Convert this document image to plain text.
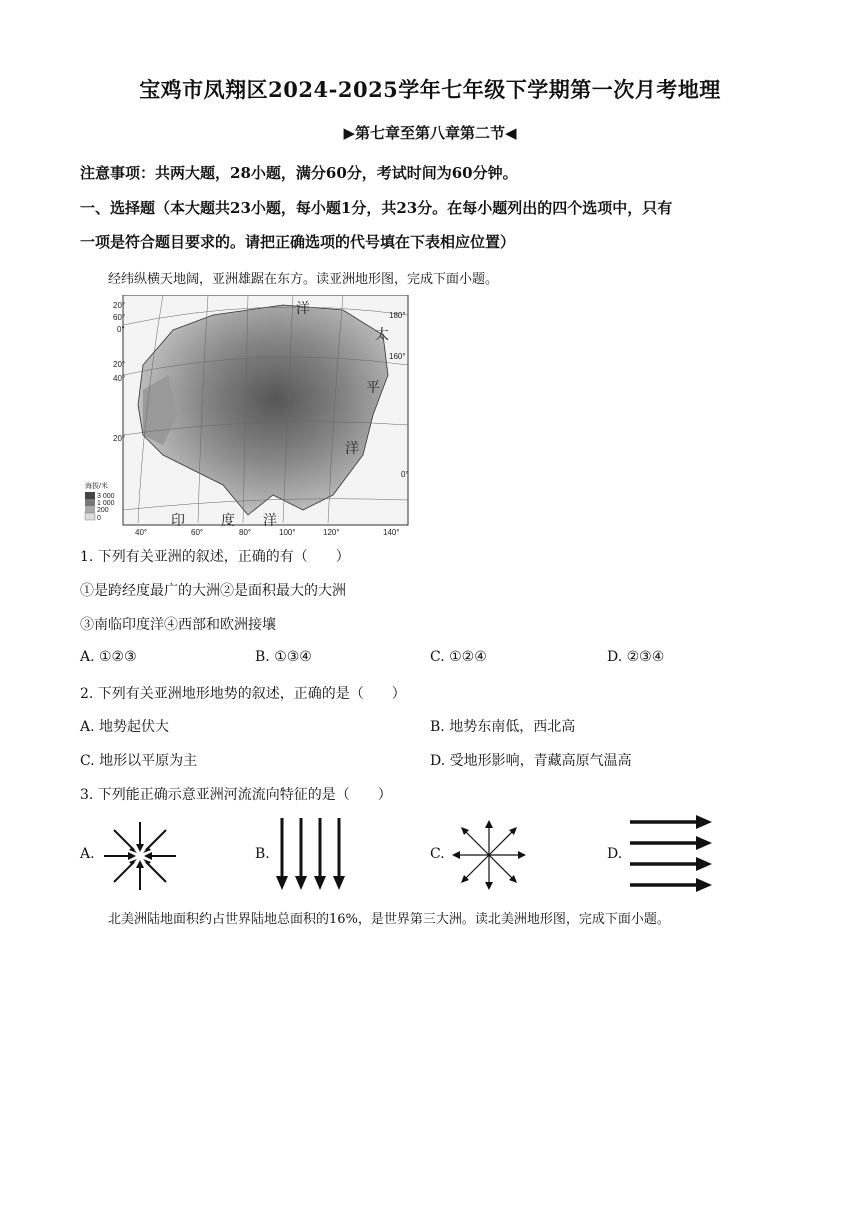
宝鸡市凤翔区2024-2025学年七年级下学期第一次月考地理
▶第七章至第八章第二节◀
注意事项：共两大题，28小题，满分60分，考试时间为60分钟。
一、选择题（本大题共23小题，每小题1分，共23分。在每小题列出的四个选项中，只有
一项是符合题目要求的。请把正确选项的代号填在下表相应位置）
经纬纵横天地阔，亚洲雄踞在东方。读亚洲地形图，完成下面小题。
20°
60°
0°
20°
40°
20°
40°	60°	80°	100°	120°	140°
180°
160°
0°
洋
太
平
洋
印	度 洋
海拔/米
3 000
1 000
200
0
1. 下列有关亚洲的叙述，正确的有（　　）
①是跨经度最广的大洲②是面积最大的大洲
③南临印度洋④西部和欧洲接壤
A. ①②③	B. ①③④	C. ①②④	D. ②③④
2. 下列有关亚洲地形地势的叙述，正确的是（　　）
A. 地势起伏大	B. 地势东南低，西北高
C. 地形以平原为主	D. 受地形影响，青藏高原气温高
3. 下列能正确示意亚洲河流流向特征的是（　　）
A.	B.	C.	D.
北美洲陆地面积约占世界陆地总面积的16%，是世界第三大洲。读北美洲地形图，完成下面小题。
